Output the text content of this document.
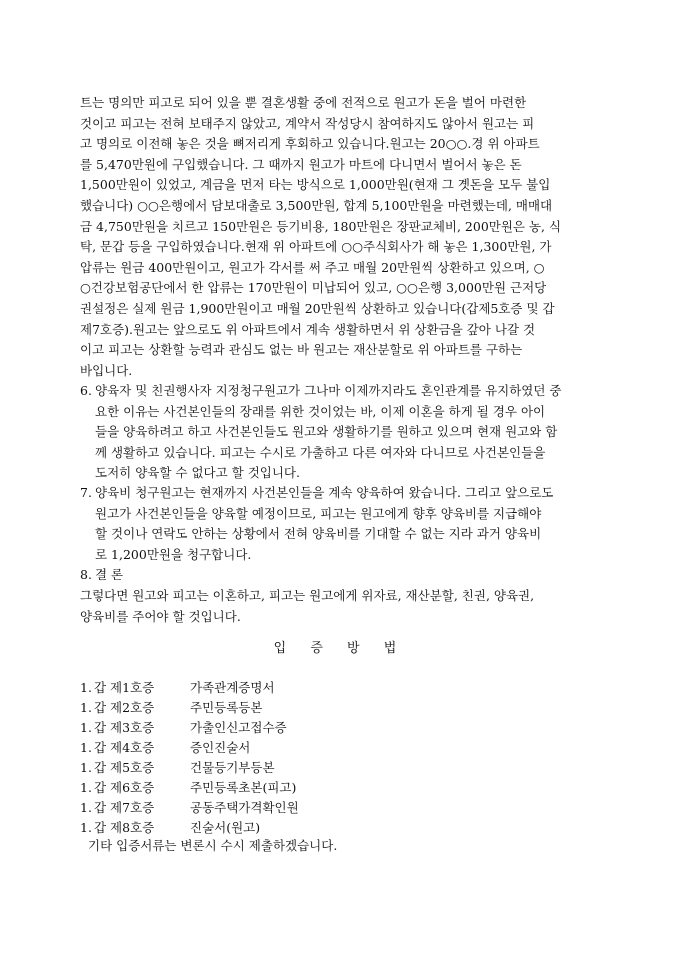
트는 명의만 피고로 되어 있을 뿐 결혼생활 중에 전적으로 원고가 돈을 벌어 마련한
것이고 피고는 전혀 보태주지 않았고, 계약서 작성당시 참여하지도 않아서 원고는 피
고 명의로 이전해 놓은 것을 뼈저리게 후회하고 있습니다.원고는 20○○.경 위 아파트
를 5,470만원에 구입했습니다. 그 때까지 원고가 마트에 다니면서 벌어서 놓은 돈
1,500만원이 있었고, 계금을 먼저 타는 방식으로 1,000만원(현재 그 곗돈을 모두 불입
했습니다) ○○은행에서 담보대출로 3,500만원, 합계 5,100만원을 마련했는데, 매매대
금 4,750만원을 치르고 150만원은 등기비용, 180만원은 장판교체비, 200만원은 농, 식
탁, 문갑 등을 구입하였습니다.현재 위 아파트에 ○○주식회사가 해 놓은 1,300만원, 가
압류는 원금 400만원이고, 원고가 각서를 써 주고 매월 20만원씩 상환하고 있으며, ○
○건강보험공단에서 한 압류는 170만원이 미납되어 있고, ○○은행 3,000만원 근저당
권설정은 실제 원금 1,900만원이고 매월 20만원씩 상환하고 있습니다(갑제5호증 및 갑
제7호증).원고는 앞으로도 위 아파트에서 계속 생활하면서 위 상환금을 갚아 나갈 것
이고 피고는 상환할 능력과 관심도 없는 바 원고는 재산분할로 위 아파트를 구하는
바입니다.
6. 양육자 및 친권행사자 지정청구원고가 그나마 이제까지라도 혼인관계를 유지하였던 중
요한 이유는 사건본인들의 장래를 위한 것이었는 바, 이제 이혼을 하게 될 경우 아이
들을 양육하려고 하고 사건본인들도 원고와 생활하기를 원하고 있으며 현재 원고와 함
께 생활하고 있습니다. 피고는 수시로 가출하고 다른 여자와 다니므로 사건본인들을
도저히 양육할 수 없다고 할 것입니다.
7. 양육비 청구원고는 현재까지 사건본인들을 계속 양육하여 왔습니다. 그리고 앞으로도
원고가 사건본인들을 양육할 예정이므로, 피고는 원고에게 향후 양육비를 지급해야
할 것이나 연락도 안하는 상황에서 전혀 양육비를 기대할 수 없는 지라 과거 양육비
로 1,200만원을 청구합니다.
8. 결 론
그렇다면 원고와 피고는 이혼하고, 피고는 원고에게 위자료, 재산분할, 친권, 양육권,
양육비를 주어야 할 것입니다.
입 증 방 법
1. 갑 제1호증	가족관계증명서
1. 갑 제2호증	주민등록등본
1. 갑 제3호증	가출인신고접수증
1. 갑 제4호증	증인진술서
1. 갑 제5호증	건물등기부등본
1. 갑 제6호증	주민등록초본(피고)
1. 갑 제7호증	공동주택가격확인원
1. 갑 제8호증	진술서(원고)
기타 입증서류는 변론시 수시 제출하겠습니다.
